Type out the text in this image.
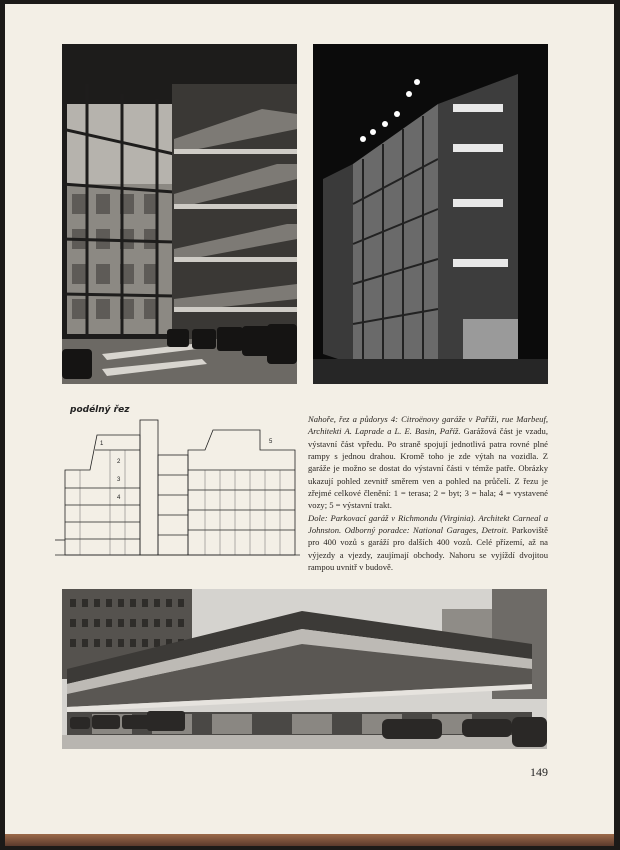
podélný řez
1
2
3
4
5
Nahoře, řez a půdorys 4: Citroënovy garáže v Paříži, rue Marbeuf, Architekti A. Laprade a L. E. Basin, Paříž. Garážová část je vzadu, výstavní část vpředu. Po straně spojují jednotlivá patra rovné plné rampy s jednou drahou. Kromě toho je zde výtah na vozidla. Z garáže je možno se dostat do výstavní části v témže patře. Obrázky ukazují pohled zevnitř směrem ven a pohled na průčelí. Z řezu je zřejmé celkové členění: 1 = terasa; 2 = byt; 3 = hala; 4 = vystavené vozy; 5 = výstavní trakt.
Dole: Parkovací garáž v Richmondu (Virginia). Architekt Carneal a Johnston. Odborný poradce: National Garages, Detroit. Parkoviště pro 400 vozů s garáží pro dalších 400 vozů. Celé přízemí, až na výjezdy a vjezdy, zaujímají obchody. Nahoru se vyjíždí dvojitou rampou uvnitř v budově.
149
